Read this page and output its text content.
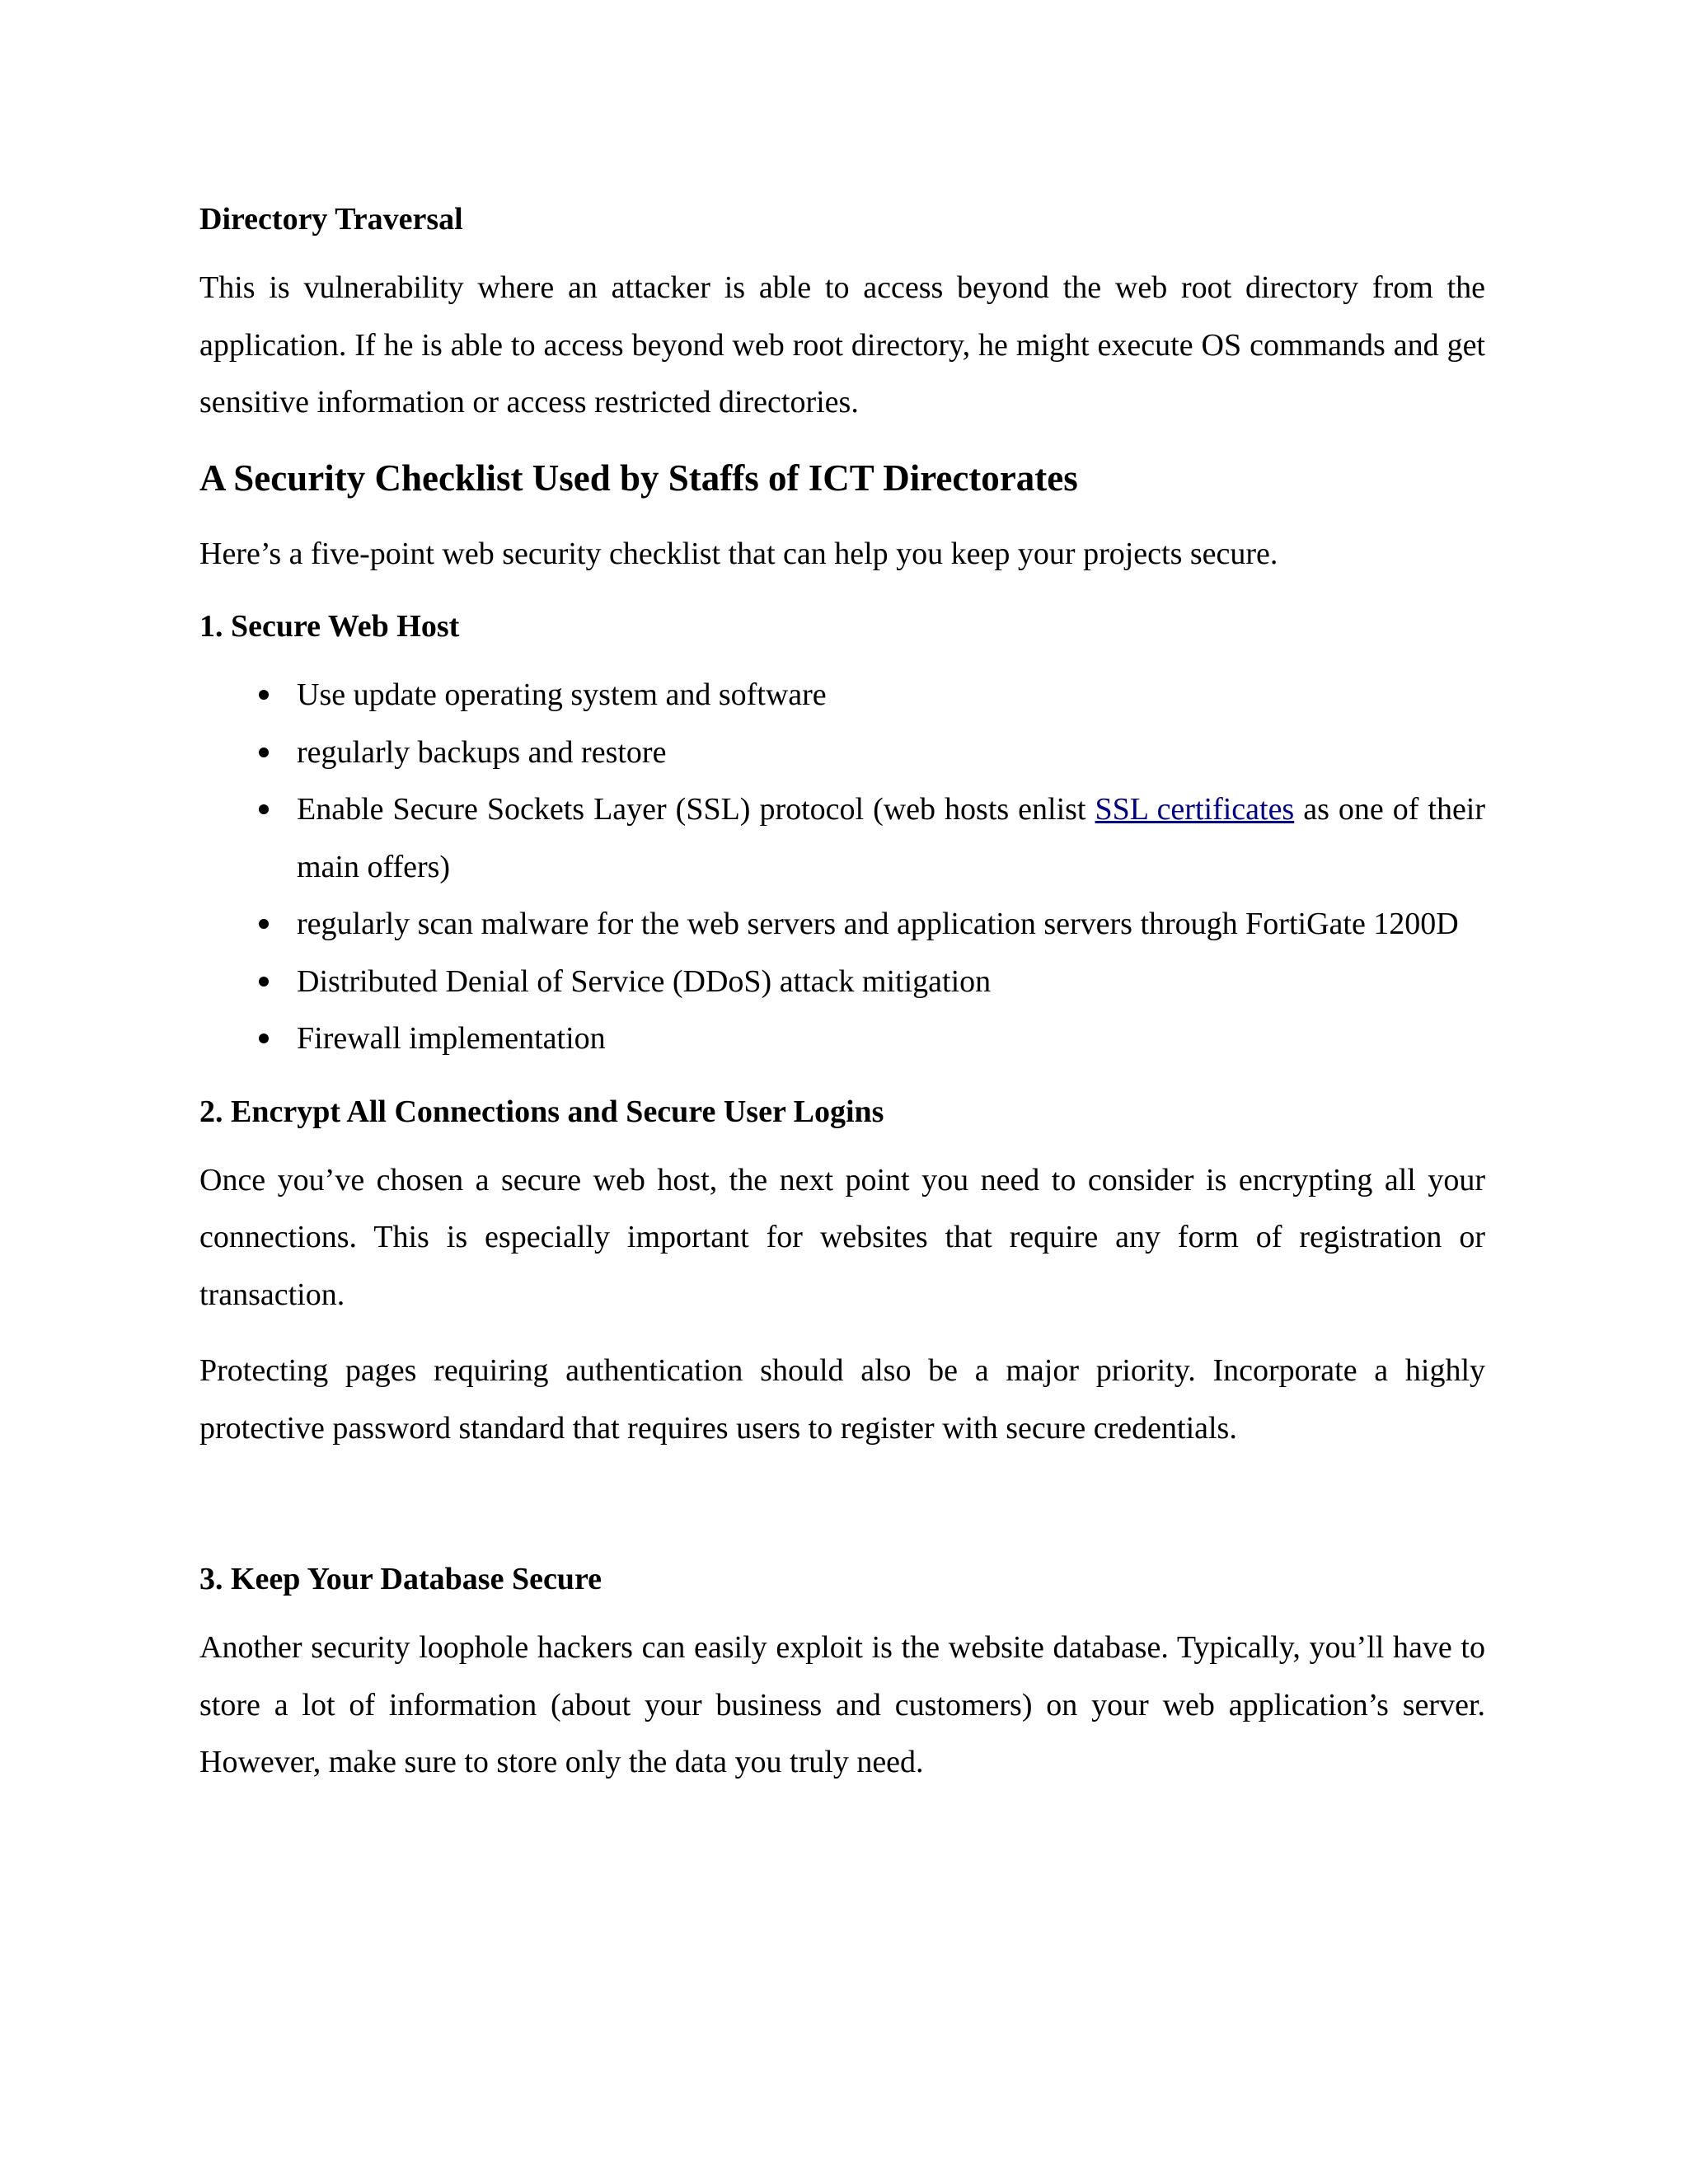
Directory Traversal

This is vulnerability where an attacker is able to access beyond the web root directory from the application. If he is able to access beyond web root directory, he might execute OS commands and get sensitive information or access restricted directories.

A Security Checklist Used by Staffs of ICT Directorates

Here’s a five-point web security checklist that can help you keep your projects secure.

1. Secure Web Host
Use update operating system and software
regularly backups and restore
Enable Secure Sockets Layer (SSL) protocol (web hosts enlist SSL certificates as one of their main offers)
regularly scan malware for the web servers and application servers through FortiGate 1200D
Distributed Denial of Service (DDoS) attack mitigation
Firewall implementation
2. Encrypt All Connections and Secure User Logins

Once you’ve chosen a secure web host, the next point you need to consider is encrypting all your connections. This is especially important for websites that require any form of registration or transaction.

Protecting pages requiring authentication should also be a major priority. Incorporate a highly protective password standard that requires users to register with secure credentials.

3. Keep Your Database Secure

Another security loophole hackers can easily exploit is the website database. Typically, you’ll have to store a lot of information (about your business and customers) on your web application’s server. However, make sure to store only the data you truly need.
